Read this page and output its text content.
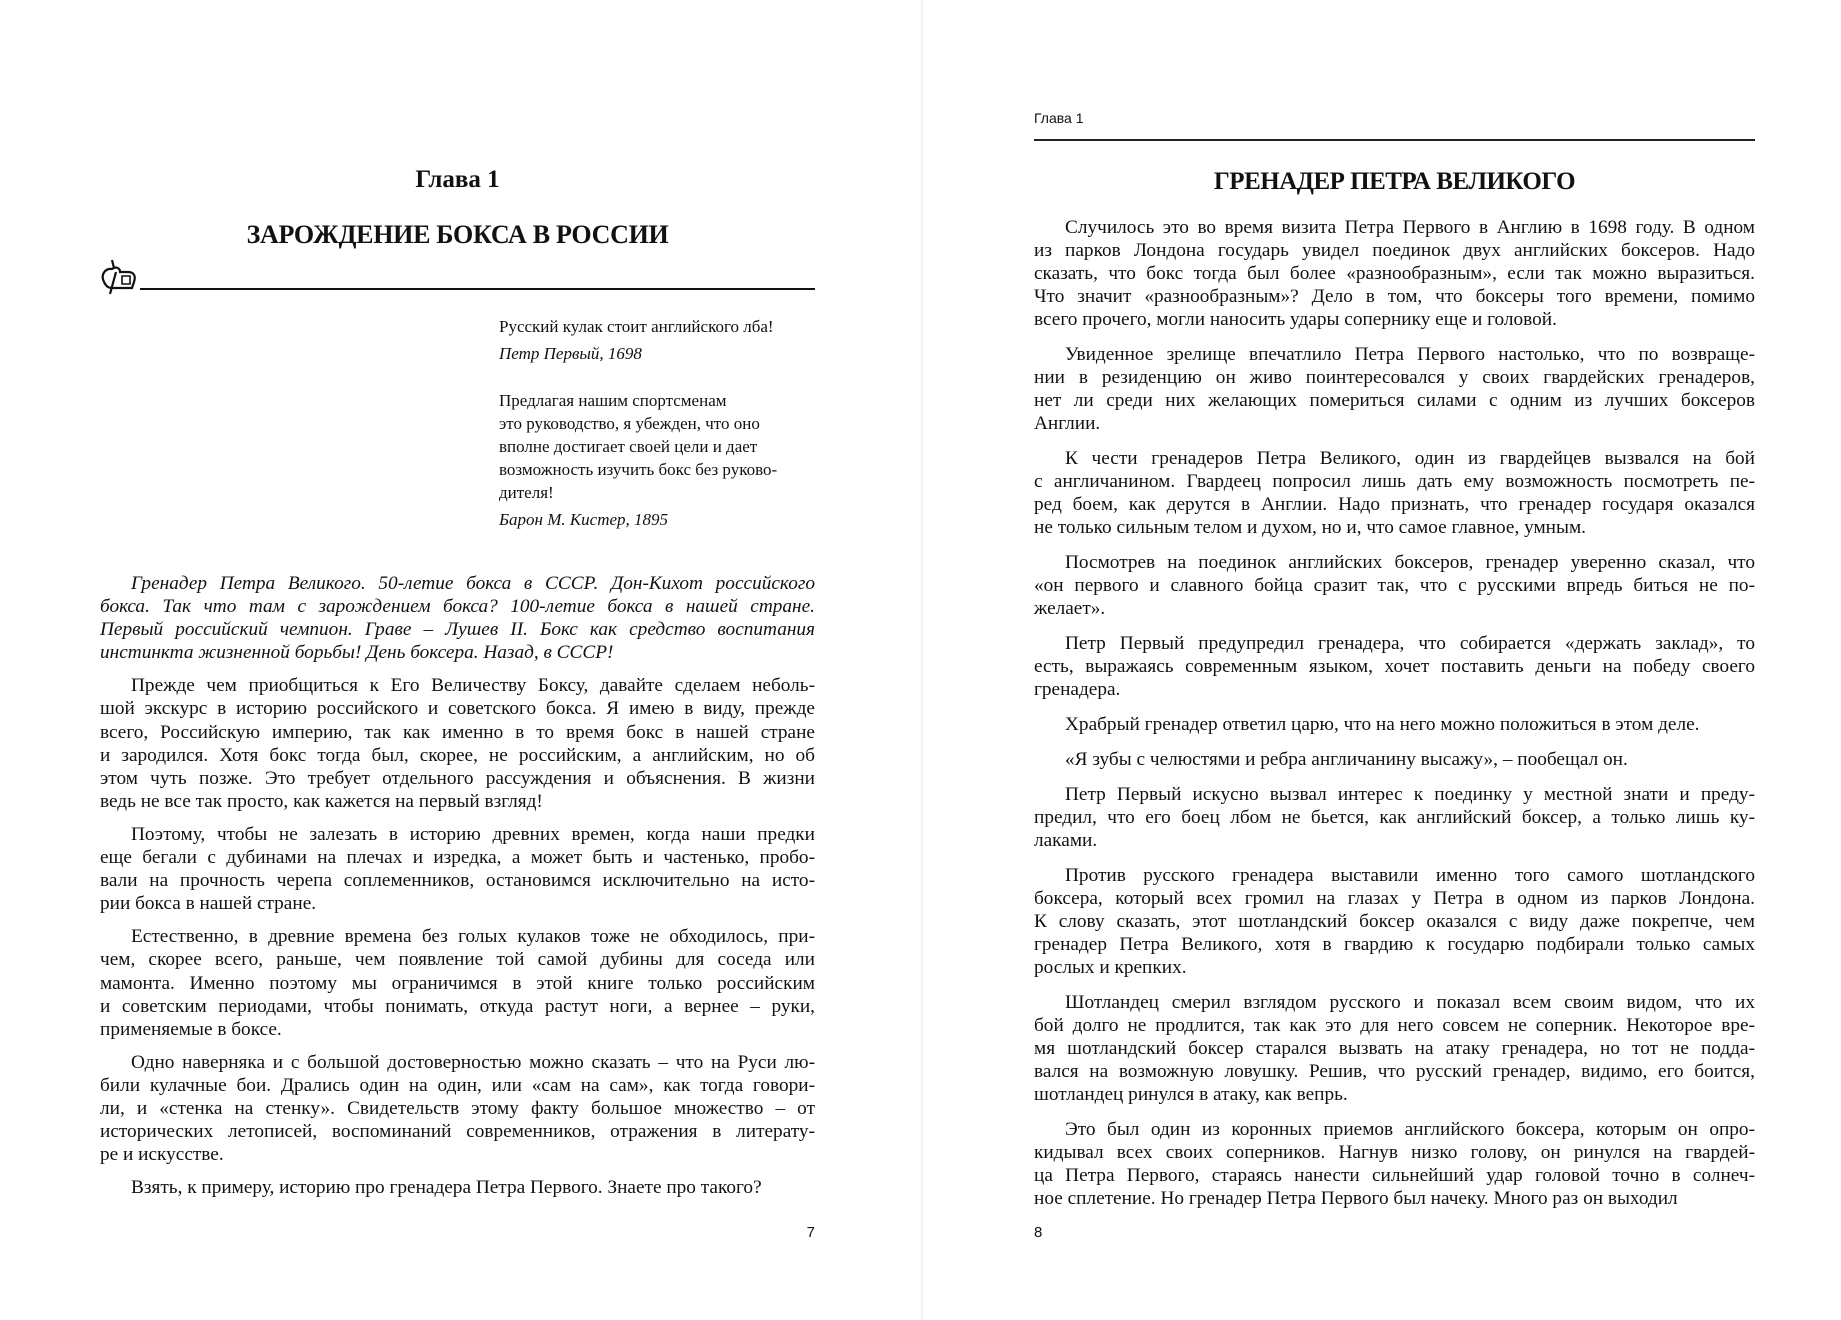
Глава 1
ЗАРОЖДЕНИЕ БОКСА В РОССИИ
Русский кулак стоит английского лба!
Петр Первый, 1698
Предлагая нашим спортсменам
это руководство, я убежден, что оно
вполне достигает своей цели и дает
возможность изучить бокс без руково-
дителя!
Барон М. Кистер, 1895
Гренадер Петра Великого. 50-летие бокса в СССР. Дон-Кихот российского
бокса. Так что там с зарождением бокса? 100-летие бокса в нашей стране.
Первый российский чемпион. Граве – Лушев II. Бокс как средство воспитания
инстинкта жизненной борьбы! День боксера. Назад, в СССР!
Прежде чем приобщиться к Его Величеству Боксу, давайте сделаем неболь-
шой экскурс в историю российского и советского бокса. Я имею в виду, прежде
всего, Российскую империю, так как именно в то время бокс в нашей стране
и зародился. Хотя бокс тогда был, скорее, не российским, а английским, но об
этом чуть позже. Это требует отдельного рассуждения и объяснения. В жизни
ведь не все так просто, как кажется на первый взгляд!
Поэтому, чтобы не залезать в историю древних времен, когда наши предки
еще бегали с дубинами на плечах и изредка, а может быть и частенько, пробо-
вали на прочность черепа соплеменников, остановимся исключительно на исто-
рии бокса в нашей стране.
Естественно, в древние времена без голых кулаков тоже не обходилось, при-
чем, скорее всего, раньше, чем появление той самой дубины для соседа или
мамонта. Именно поэтому мы ограничимся в этой книге только российским
и советским периодами, чтобы понимать, откуда растут ноги, а вернее – руки,
применяемые в боксе.
Одно наверняка и с большой достоверностью можно сказать – что на Руси лю-
били кулачные бои. Дрались один на один, или «сам на сам», как тогда говори-
ли, и «стенка на стенку». Свидетельств этому факту большое множество – от
исторических летописей, воспоминаний современников, отражения в литерату-
ре и искусстве.
Взять, к примеру, историю про гренадера Петра Первого. Знаете про такого?
7
Глава 1
ГРЕНАДЕР ПЕТРА ВЕЛИКОГО
Случилось это во время визита Петра Первого в Англию в 1698 году. В одном
из парков Лондона государь увидел поединок двух английских боксеров. Надо
сказать, что бокс тогда был более «разнообразным», если так можно выразиться.
Что значит «разнообразным»? Дело в том, что боксеры того времени, помимо
всего прочего, могли наносить удары сопернику еще и головой.
Увиденное зрелище впечатлило Петра Первого настолько, что по возвраще-
нии в резиденцию он живо поинтересовался у своих гвардейских гренадеров,
нет ли среди них желающих помериться силами с одним из лучших боксеров
Англии.
К чести гренадеров Петра Великого, один из гвардейцев вызвался на бой
с англичанином. Гвардеец попросил лишь дать ему возможность посмотреть пе-
ред боем, как дерутся в Англии. Надо признать, что гренадер государя оказался
не только сильным телом и духом, но и, что самое главное, умным.
Посмотрев на поединок английских боксеров, гренадер уверенно сказал, что
«он первого и славного бойца сразит так, что с русскими впредь биться не по-
желает».
Петр Первый предупредил гренадера, что собирается «держать заклад», то
есть, выражаясь современным языком, хочет поставить деньги на победу своего
гренадера.
Храбрый гренадер ответил царю, что на него можно положиться в этом деле.
«Я зубы с челюстями и ребра англичанину высажу», – пообещал он.
Петр Первый искусно вызвал интерес к поединку у местной знати и преду-
предил, что его боец лбом не бьется, как английский боксер, а только лишь ку-
лаками.
Против русского гренадера выставили именно того самого шотландского
боксера, который всех громил на глазах у Петра в одном из парков Лондона.
К слову сказать, этот шотландский боксер оказался с виду даже покрепче, чем
гренадер Петра Великого, хотя в гвардию к государю подбирали только самых
рослых и крепких.
Шотландец смерил взглядом русского и показал всем своим видом, что их
бой долго не продлится, так как это для него совсем не соперник. Некоторое вре-
мя шотландский боксер старался вызвать на атаку гренадера, но тот не подда-
вался на возможную ловушку. Решив, что русский гренадер, видимо, его боится,
шотландец ринулся в атаку, как вепрь.
Это был один из коронных приемов английского боксера, которым он опро-
кидывал всех своих соперников. Нагнув низко голову, он ринулся на гвардей-
ца Петра Первого, стараясь нанести сильнейший удар головой точно в солнеч-
ное сплетение. Но гренадер Петра Первого был начеку. Много раз он выходил
8
